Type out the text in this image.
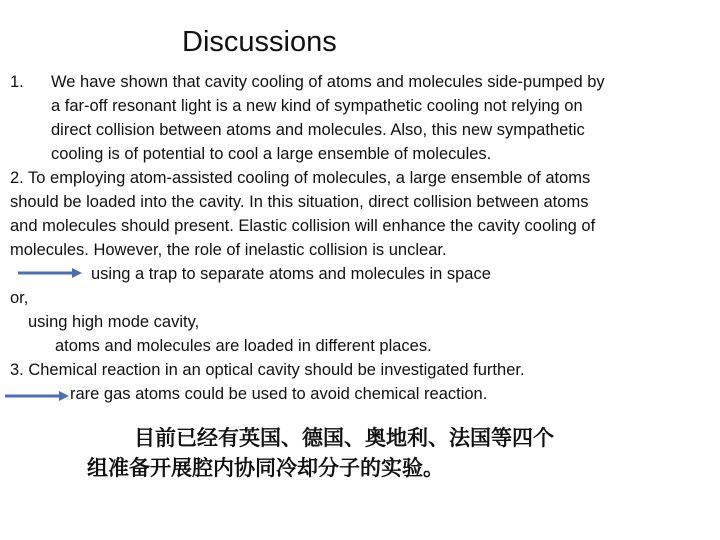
Discussions
1. We have shown that cavity cooling of atoms and molecules side-pumped by
a far-off resonant light is a new kind of sympathetic cooling not relying on
direct collision between atoms and molecules. Also, this new sympathetic
cooling is of potential to cool a large ensemble of molecules.
2. To employing atom-assisted cooling of molecules, a large ensemble of atoms
should be loaded into the cavity. In this situation, direct collision between atoms
and molecules should present. Elastic collision will enhance the cavity cooling of
molecules. However, the role of inelastic collision is unclear.
using a trap to separate atoms and molecules in space
or,
using high mode cavity,
atoms and molecules are loaded in different places.
3. Chemical reaction in an optical cavity should be investigated further.
rare gas atoms could be used to avoid chemical reaction.
目前已经有英国、德国、奥地利、法国等四个
组准备开展腔内协同冷却分子的实验。
